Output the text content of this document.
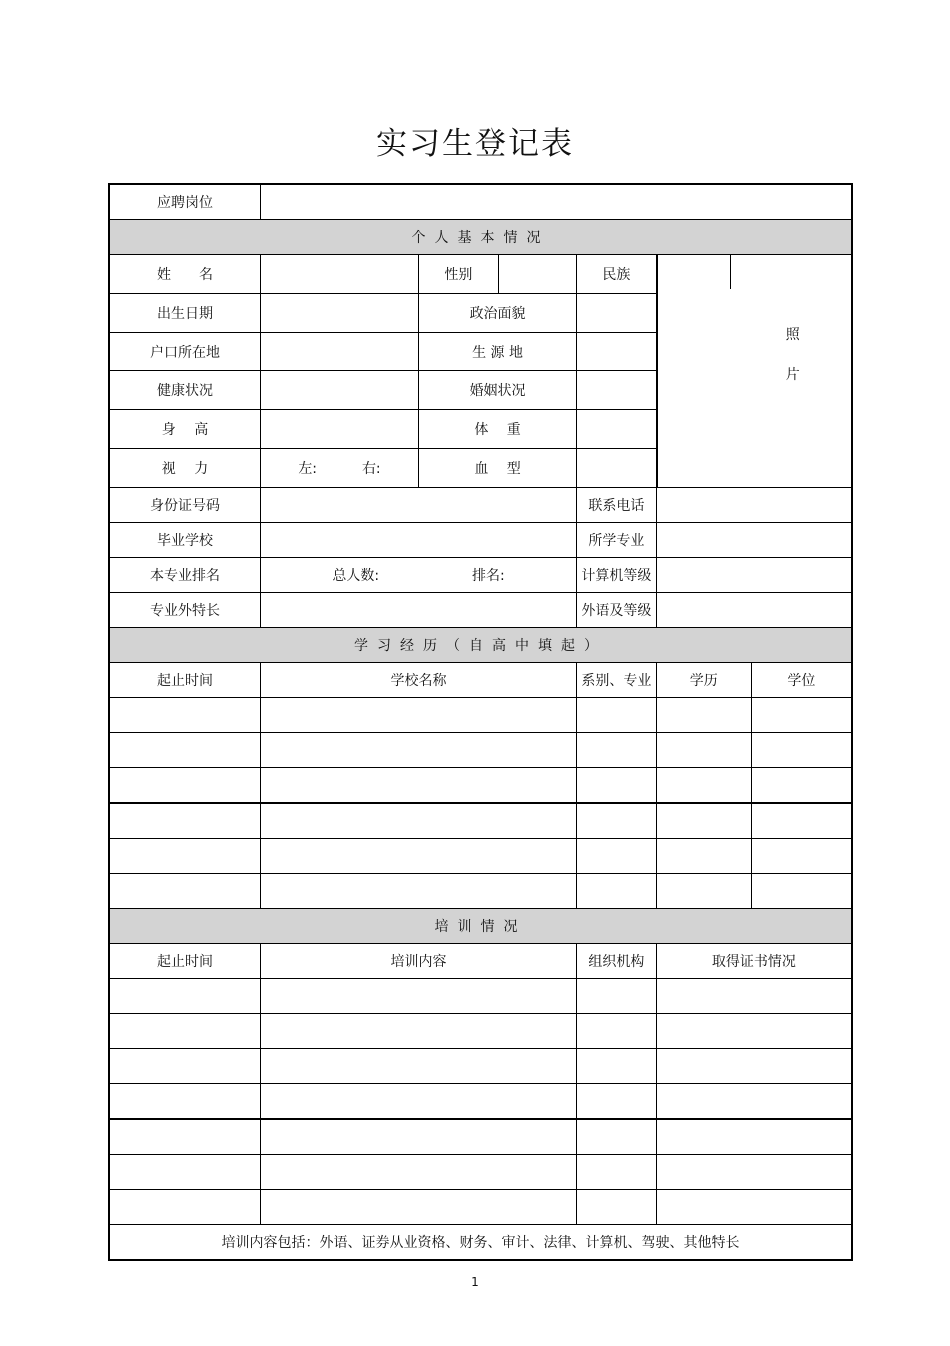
实习生登记表
应聘岗位	
个人基本情况
姓　　名		性别		民族	

照
片

出生日期		政治面貌	
户口所在地		生 源 地	
健康状况		婚姻状况	
身　 高		体　 重	
视　 力	左:	右:	血　 型	
身份证号码		联系电话	
毕业学校		所学专业	
本专业排名	总人数:	排名:	计算机等级	
专业外特长		外语及等级	
学习经历（自高中填起）
起止时间	学校名称	系别、专业	学历	学位

培训情况
起止时间	培训内容	组织机构	取得证书情况

培训内容包括：外语、证券从业资格、财务、审计、法律、计算机、驾驶、其他特长
1
